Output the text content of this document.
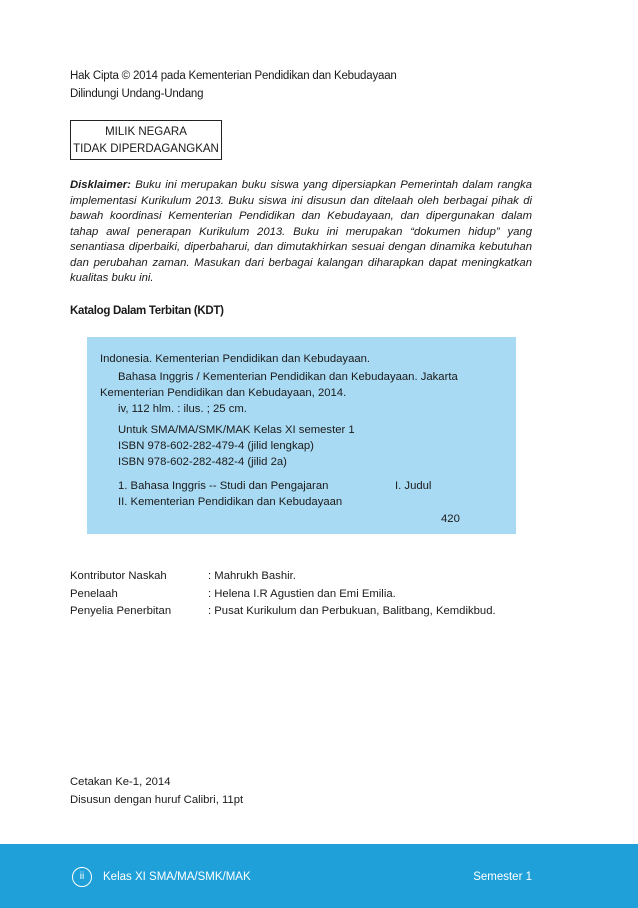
Hak Cipta © 2014 pada Kementerian Pendidikan dan Kebudayaan
Dilindungi Undang-Undang
MILIK NEGARA
TIDAK DIPERDAGANGKAN
Disklaimer: Buku ini merupakan buku siswa yang dipersiapkan Pemerintah dalam rangka implementasi Kurikulum 2013. Buku siswa ini disusun dan ditelaah oleh berbagai pihak di bawah koordinasi Kementerian Pendidikan dan Kebudayaan, dan dipergunakan dalam tahap awal penerapan Kurikulum 2013. Buku ini merupakan “dokumen hidup” yang senantiasa diperbaiki, diperbaharui, dan dimutakhirkan sesuai dengan dinamika kebutuhan dan perubahan zaman. Masukan dari berbagai kalangan diharapkan dapat meningkatkan kualitas buku ini.
Katalog Dalam Terbitan (KDT)
Indonesia. Kementerian Pendidikan dan Kebudayaan.
Bahasa Inggris / Kementerian Pendidikan dan Kebudayaan. Jakarta
Kementerian Pendidikan dan Kebudayaan, 2014.
iv, 112 hlm. : ilus. ; 25 cm.
Untuk SMA/MA/SMK/MAK Kelas XI semester 1
ISBN 978-602-282-479-4 (jilid lengkap)
ISBN 978-602-282-482-4 (jilid 2a)
1. Bahasa Inggris -- Studi dan Pengajaran	I. Judul
II. Kementerian Pendidikan dan Kebudayaan
420
Kontributor Naskah	: Mahrukh Bashir.
Penelaah	: Helena I.R Agustien dan Emi Emilia.
Penyelia Penerbitan	: Pusat Kurikulum dan Perbukuan, Balitbang, Kemdikbud.
Cetakan Ke-1, 2014
Disusun dengan huruf Calibri, 11pt
ii	Kelas XI SMA/MA/SMK/MAK	Semester 1
